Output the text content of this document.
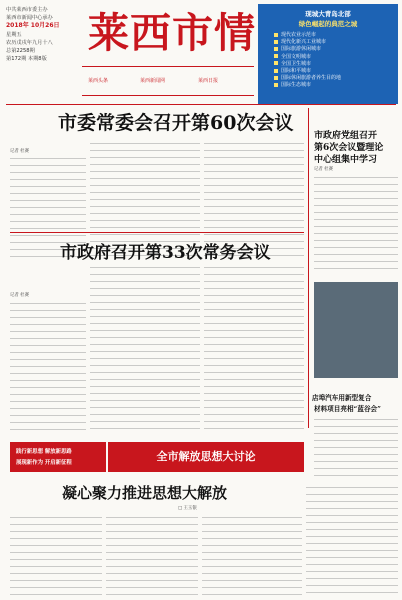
中共莱西市委主办
莱西市新闻中心承办
2018年 10月26日
星期五
农历戊戌年九月十八
总第2258期
第172期 本期8版
莱西市情
莱西头条	莱西新闻网	莱西日报
现城大青岛北部
绿色崛起的典范之城
现代农业示范市
现代化新兴工业城市
国际旅游休闲城市
全国文明城市
全国卫生城市
国际和平城市
国际休闲旅游者养生目的地
国际生态城市
市委常委会召开第60次会议
记者 杜赛
市政府党组召开
第6次会议暨理论
中心组集中学习
记者 杜赛
市政府召开第33次常务会议
记者 杜赛
店埠汽车用新型复合
材料项目亮相“蓝谷会”
践行新思想 解放新思路
展现新作为 开启新征程	全市解放思想大讨论
凝心聚力推进思想大解放
□ 王玉银
